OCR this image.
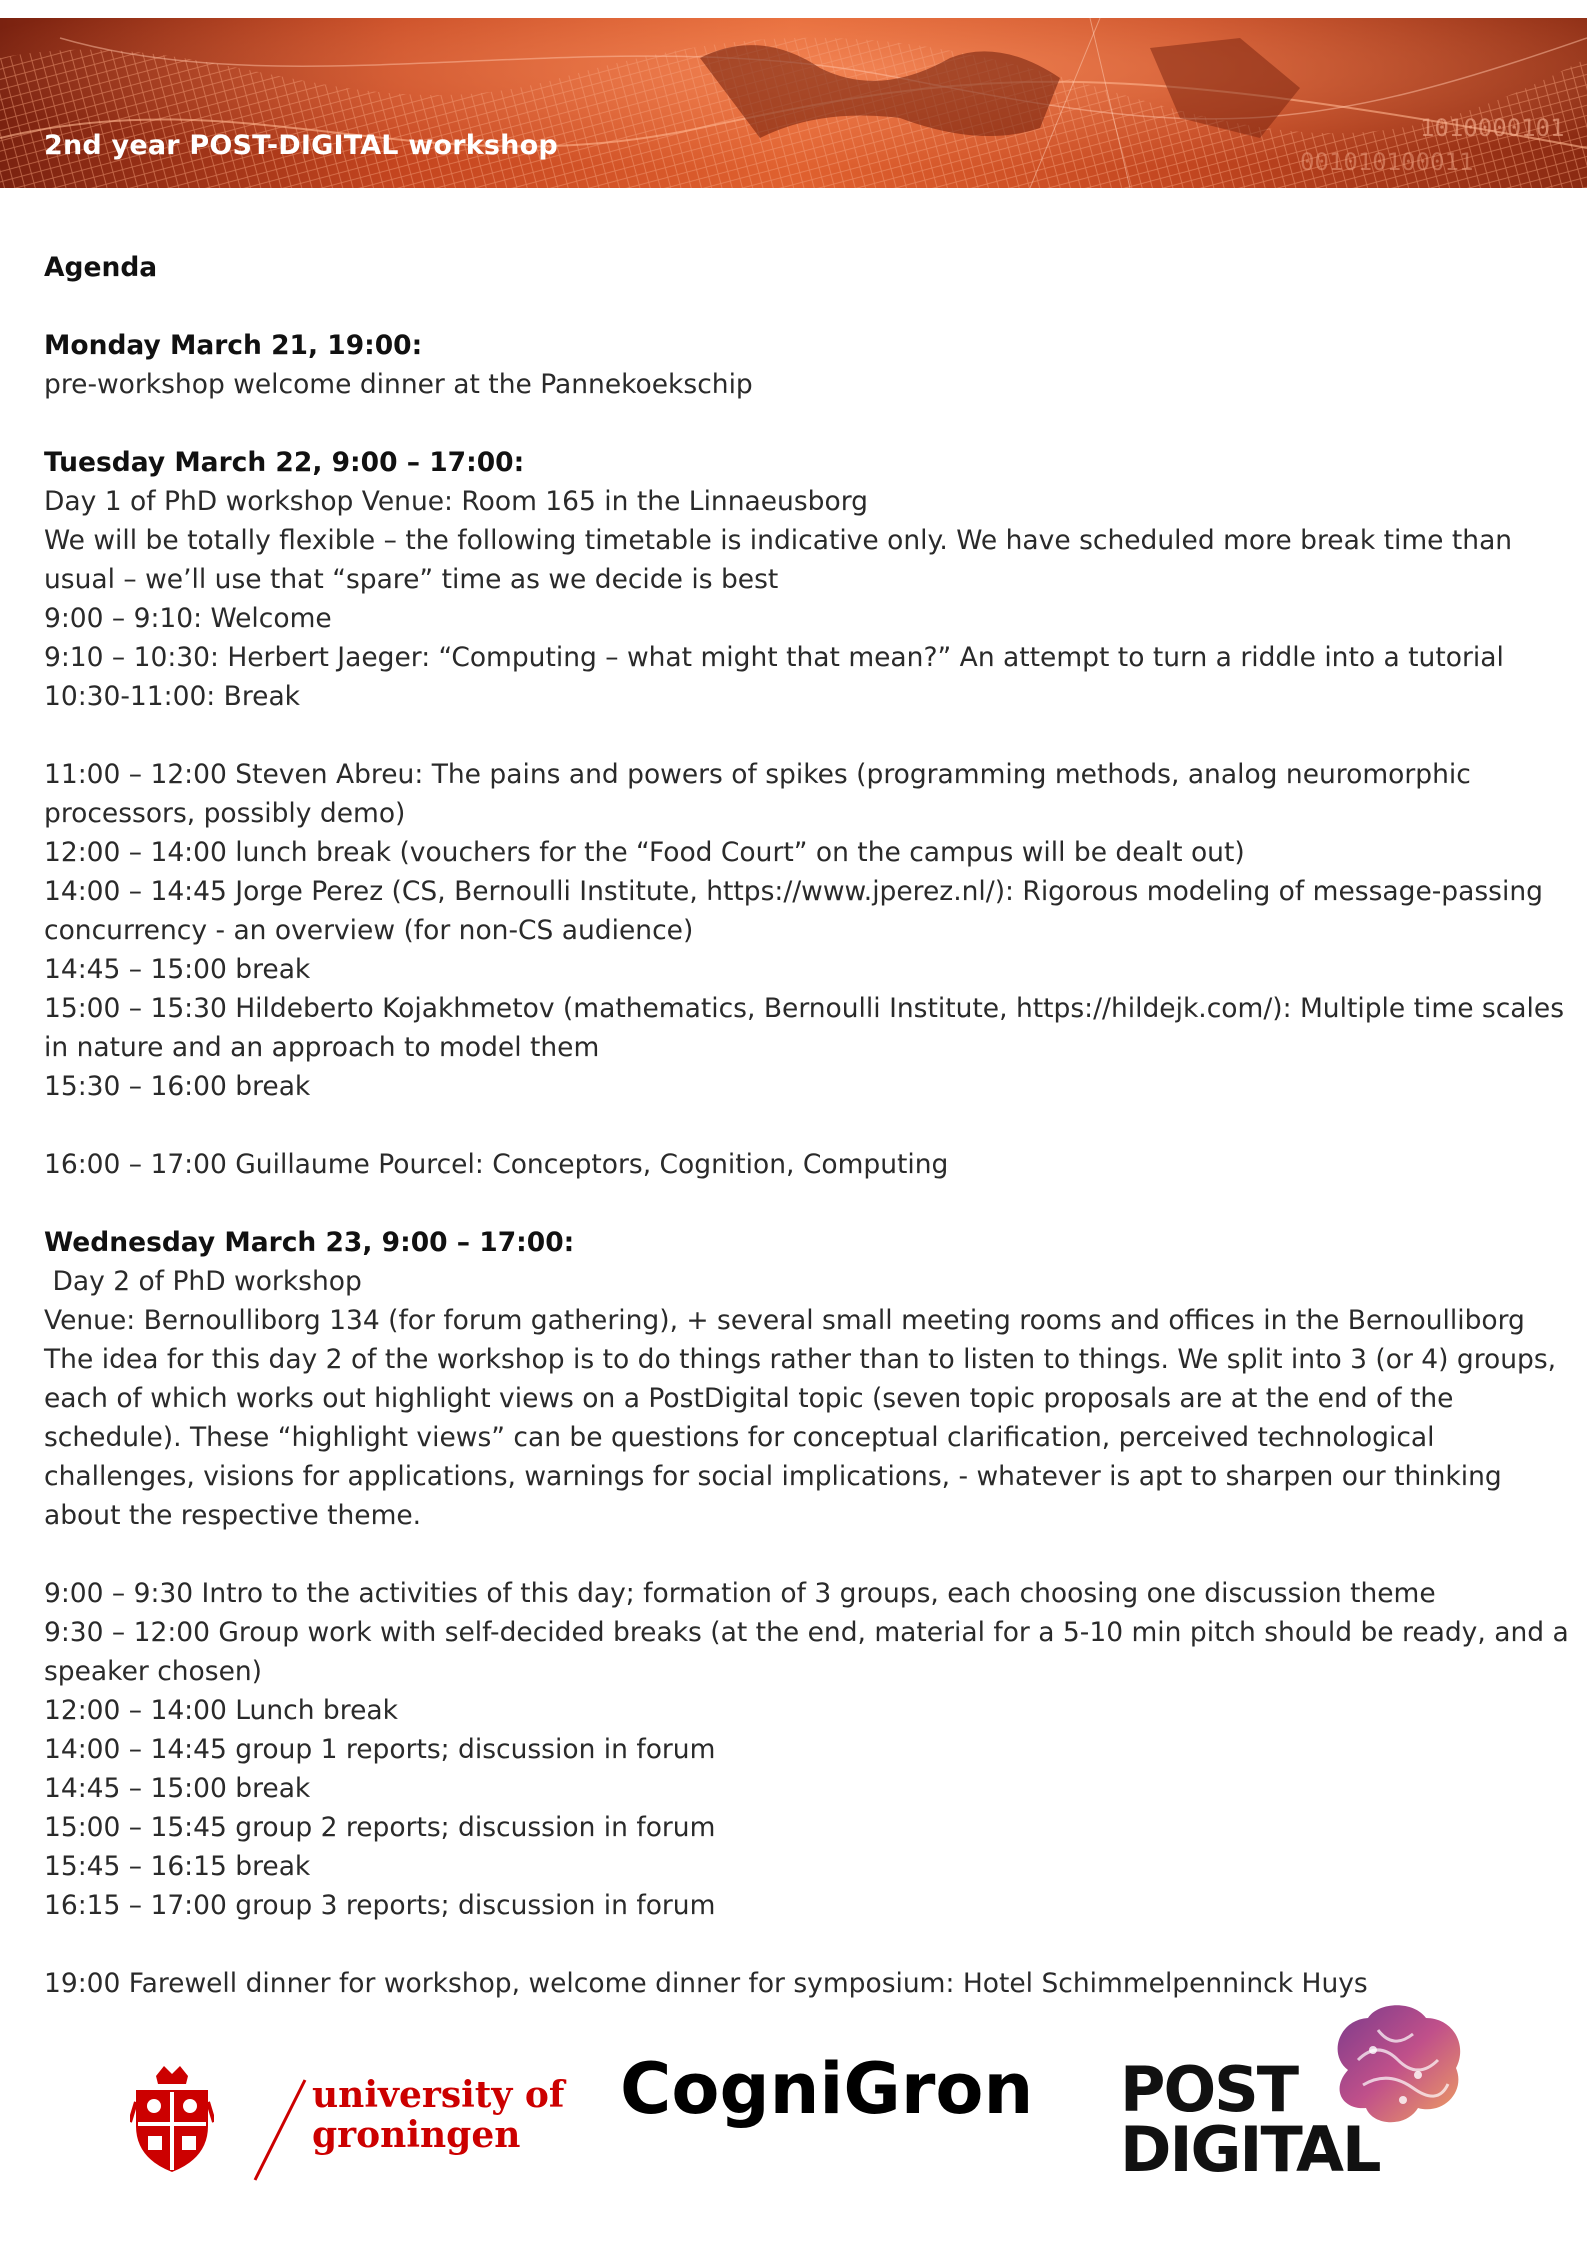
1010000101
001010100011
2nd year POST-DIGITAL workshop

Agenda

Monday March 21, 19:00:

pre-workshop welcome dinner at the Pannekoekschip

Tuesday March 22, 9:00 – 17:00:

Day 1 of PhD workshop Venue: Room 165 in the Linnaeusborg

We will be totally flexible – the following timetable is indicative only. We have scheduled more break time than usual – we’ll use that “spare” time as we decide is best

9:00 – 9:10: Welcome

9:10 – 10:30: Herbert Jaeger: “Computing – what might that mean?” An attempt to turn a riddle into a tutorial

10:30-11:00: Break

11:00 – 12:00 Steven Abreu: The pains and powers of spikes (programming methods, analog neuromorphic processors, possibly demo)

12:00 – 14:00 lunch break (vouchers for the “Food Court” on the campus will be dealt out)

14:00 – 14:45 Jorge Perez (CS, Bernoulli Institute, https://www.jperez.nl/): Rigorous modeling of message-passing concurrency - an overview (for non-CS audience)

14:45 – 15:00 break

15:00 – 15:30 Hildeberto Kojakhmetov (mathematics, Bernoulli Institute, https://hildejk.com/): Multiple time scales in nature and an approach to model them

15:30 – 16:00 break

16:00 – 17:00 Guillaume Pourcel: Conceptors, Cognition, Computing

Wednesday March 23, 9:00 – 17:00:

Day 2 of PhD workshop

Venue: Bernoulliborg 134 (for forum gathering), + several small meeting rooms and offices in the Bernoulliborg

The idea for this day 2 of the workshop is to do things rather than to listen to things. We split into 3 (or 4) groups, each of which works out highlight views on a PostDigital topic (seven topic proposals are at the end of the schedule). These “highlight views” can be questions for conceptual clarification, perceived technological challenges, visions for applications, warnings for social implications, - whatever is apt to sharpen our thinking about the respective theme.

9:00 – 9:30 Intro to the activities of this day; formation of 3 groups, each choosing one discussion theme

9:30 – 12:00 Group work with self-decided breaks (at the end, material for a 5-10 min pitch should be ready, and a speaker chosen)

12:00 – 14:00 Lunch break

14:00 – 14:45 group 1 reports; discussion in forum

14:45 – 15:00 break

15:00 – 15:45 group 2 reports; discussion in forum

15:45 – 16:15 break

16:15 – 17:00 group 3 reports; discussion in forum

19:00 Farewell dinner for workshop, welcome dinner for symposium: Hotel Schimmelpenninck Huys

university of
groningen
CogniGron POST
DIGITAL
